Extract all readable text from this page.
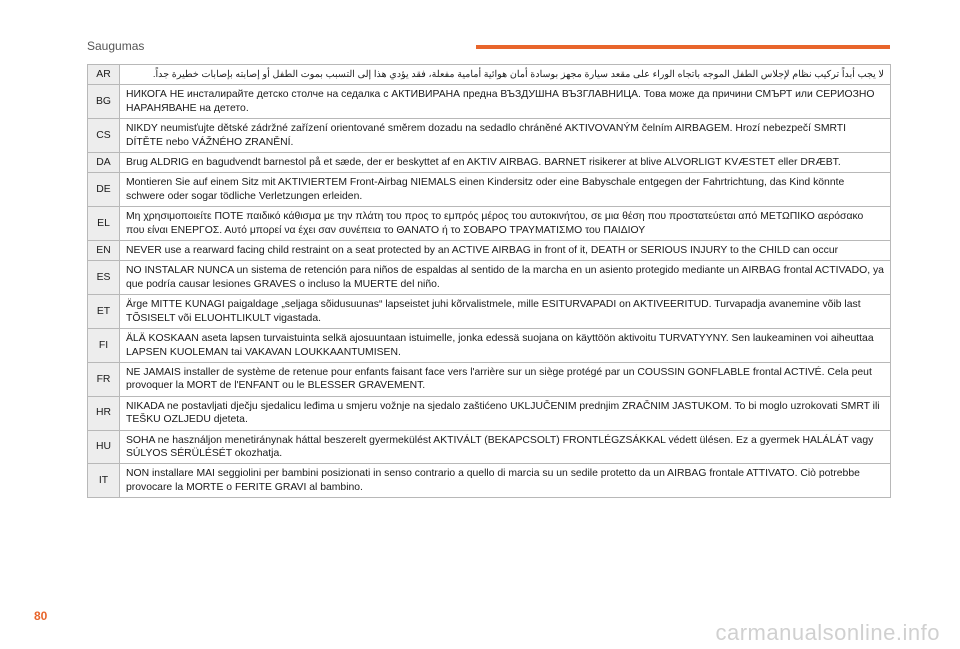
Saugumas
AR	لا يجب أبداً تركيب نظام لإجلاس الطفل الموجه باتجاه الوراء على مقعد سيارة مجهز بوسادة أمان هوائية أمامية مفعلة، فقد يؤدي هذا إلى التسبب بموت الطفل أو إصابته بإصابات خطيرة جداً.
BG	НИКОГА НЕ инсталирайте детско столче на седалка с АКТИВИРАНА предна ВЪЗДУШНА ВЪЗГЛАВНИЦА. Това може да причини СМЪРТ или СЕРИОЗНО НАРАНЯВАНЕ на детето.
CS	NIKDY neumisťujte dětské zádržné zařízení orientované směrem dozadu na sedadlo chráněné AKTIVOVANÝM čelním AIRBAGEM. Hrozí nebezpečí SMRTI DÍTĚTE nebo VÁŽNÉHO ZRANĚNÍ.
DA	Brug ALDRIG en bagudvendt barnestol på et sæde, der er beskyttet af en AKTIV AIRBAG. BARNET risikerer at blive ALVORLIGT KVÆSTET eller DRÆBT.
DE	Montieren Sie auf einem Sitz mit AKTIVIERTEM Front-Airbag NIEMALS einen Kindersitz oder eine Babyschale entgegen der Fahrtrichtung, das Kind könnte schwere oder sogar tödliche Verletzungen erleiden.
EL	Μη χρησιμοποιείτε ΠΟΤΕ παιδικό κάθισμα με την πλάτη του προς το εμπρός μέρος του αυτοκινήτου, σε μια θέση που προστατεύεται από ΜΕΤΩΠΙΚΟ αερόσακο που είναι ΕΝΕΡΓΟΣ. Αυτό μπορεί να έχει σαν συνέπεια το ΘΑΝΑΤΟ ή το ΣΟΒΑΡΟ ΤΡΑΥΜΑΤΙΣΜΟ του ΠΑΙΔΙΟΥ
EN	NEVER use a rearward facing child restraint on a seat protected by an ACTIVE AIRBAG in front of it, DEATH or SERIOUS INJURY to the CHILD can occur
ES	NO INSTALAR NUNCA un sistema de retención para niños de espaldas al sentido de la marcha en un asiento protegido mediante un AIRBAG frontal ACTIVADO, ya que podría causar lesiones GRAVES o incluso la MUERTE del niño.
ET	Ärge MITTE KUNAGI paigaldage „seljaga sõidusuunas“ lapseistet juhi kõrvalistmele, mille ESITURVAPADI on AKTIVEERITUD. Turvapadja avanemine võib last TÕSISELT või ELUOHTLIKULT vigastada.
FI	ÄLÄ KOSKAAN aseta lapsen turvaistuinta selkä ajosuuntaan istuimelle, jonka edessä suojana on käyttöön aktivoitu TURVATYYNY. Sen laukeaminen voi aiheuttaa LAPSEN KUOLEMAN tai VAKAVAN LOUKKAANTUMISEN.
FR	NE JAMAIS installer de système de retenue pour enfants faisant face vers l'arrière sur un siège protégé par un COUSSIN GONFLABLE frontal ACTIVÉ. Cela peut provoquer la MORT de l'ENFANT ou le BLESSER GRAVEMENT.
HR	NIKADA ne postavljati dječju sjedalicu leđima u smjeru vožnje na sjedalo zaštićeno UKLJUČENIM prednjim ZRAČNIM JASTUKOM. To bi moglo uzrokovati SMRT ili TEŠKU OZLJEDU djeteta.
HU	SOHA ne használjon menetiránynak háttal beszerelt gyermekülést AKTIVÁLT (BEKAPCSOLT) FRONTLÉGZSÁKKAL védett ülésen. Ez a gyermek HALÁLÁT vagy SÚLYOS SÉRÜLÉSÉT okozhatja.
IT	NON installare MAI seggiolini per bambini posizionati in senso contrario a quello di marcia su un sedile protetto da un AIRBAG frontale ATTIVATO. Ciò potrebbe provocare la MORTE o FERITE GRAVI al bambino.
80
carmanualsonline.info
